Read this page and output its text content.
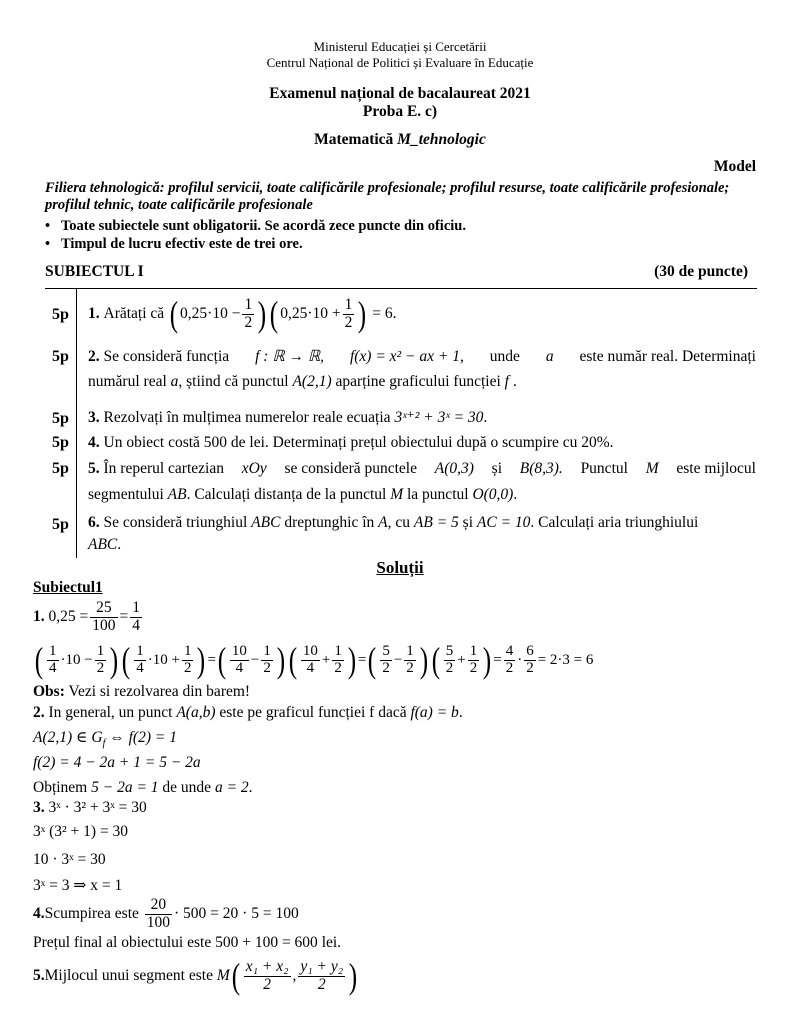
Ministerul Educației și Cercetării
Centrul Național de Politici și Evaluare în Educație
Examenul național de bacalaureat 2021
Proba E. c)
Matematică M_tehnologic
Model
Filiera tehnologică: profilul servicii, toate calificările profesionale; profilul resurse, toate calificările profesionale; profilul tehnic, toate calificările profesionale
•   Toate subiectele sunt obligatorii. Se acordă zece puncte din oficiu.
•   Timpul de lucru efectiv este de trei ore.
SUBIECTUL I	(30 de puncte)
5p 1.
Arătați că
( $0,25\cdot 10 - \frac{1}{2}$ ) ( $0,25\cdot 10 + \frac{1}{2}$ )
= 6.
5p 2. Se consideră funcția f : ℝ → ℝ, f(x) = x² − ax + 1, unde a este număr real. Determinați
numărul real a, știind că punctul A(2,1) aparține graficului funcției f .
5p 3. Rezolvați în mulțimea numerelor reale ecuația 3ˣ⁺² + 3ˣ = 30.
5p 4. Un obiect costă 500 de lei. Determinați prețul obiectului după o scumpire cu 20%.
5p 5. În reperul cartezian xOy se consideră punctele A(0,3) și B(8,3). Punctul M este mijlocul
segmentului AB. Calculați distanța de la punctul M la punctul O(0,0).
5p 6. Se consideră triunghiul ABC dreptunghic în A, cu AB = 5 și AC = 10. Calculați aria triunghiului
ABC.
Soluții
Subiectul1
1.
$0,25 = \frac{25}{100} = \frac{1}{4}$
( $\frac{1}{4} \cdot 10 - \frac{1}{2}$ ) ( $\frac{1}{4} \cdot 10 + \frac{1}{2}$ ) = ( $\frac{10}{4} - \frac{1}{2}$ ) ( $\frac{10}{4} + \frac{1}{2}$ ) = ( $\frac{5}{2} - \frac{1}{2}$ ) ( $\frac{5}{2} + \frac{1}{2}$ ) = $\frac{4}{2} \cdot \frac{6}{2} = 2\cdot 3 = 6$
Obs: Vezi si rezolvarea din barem!
2. In general, un punct A(a,b) este pe graficul funcției f dacă f(a) = b.
A(2,1) ∈ $G_f$ ⇔ f(2) = 1
f(2) = 4 − 2a + 1 = 5 − 2a
Obținem 5 − 2a = 1 de unde a = 2.
3. 3ˣ · 3² + 3ˣ = 30
3ˣ (3² + 1) = 30
10 · 3ˣ = 30
3ˣ = 3 ⇒ x = 1
4. Scumpirea este
$\frac{20}{100} \cdot 500 = 20 \cdot 5 = 100$
Prețul final al obiectului este 500 + 100 = 600 lei.
5. Mijlocul unui segment este
M ( $\frac{\text{x₁ + x₂}}{2}$ , $\frac{\text{y₁ + y₂}}{2}$ )
